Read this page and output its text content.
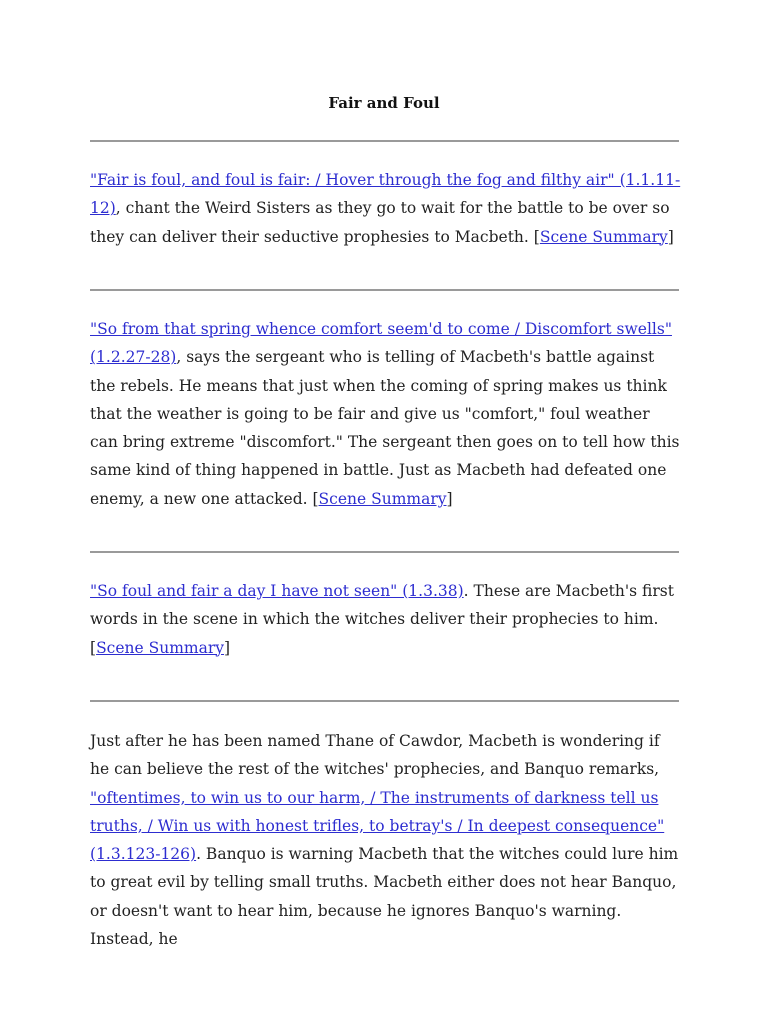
Fair and Foul

"Fair is foul, and foul is fair: / Hover through the fog and filthy air" (1.1.11-12), chant the Weird Sisters as they go to wait for the battle to be over so they can deliver their seductive prophesies to Macbeth. [Scene Summary]

"So from that spring whence comfort seem'd to come / Discomfort swells" (1.2.27-28), says the sergeant who is telling of Macbeth's battle against the rebels. He means that just when the coming of spring makes us think that the weather is going to be fair and give us "comfort," foul weather can bring extreme "discomfort." The sergeant then goes on to tell how this same kind of thing happened in battle. Just as Macbeth had defeated one enemy, a new one attacked. [Scene Summary]

"So foul and fair a day I have not seen" (1.3.38). These are Macbeth's first words in the scene in which the witches deliver their prophecies to him. [Scene Summary]

Just after he has been named Thane of Cawdor, Macbeth is wondering if he can believe the rest of the witches' prophecies, and Banquo remarks, "oftentimes, to win us to our harm, / The instruments of darkness tell us truths, / Win us with honest trifles, to betray's / In deepest consequence" (1.3.123-126). Banquo is warning Macbeth that the witches could lure him to great evil by telling small truths. Macbeth either does not hear Banquo, or doesn't want to hear him, because he ignores Banquo's warning. Instead, he
